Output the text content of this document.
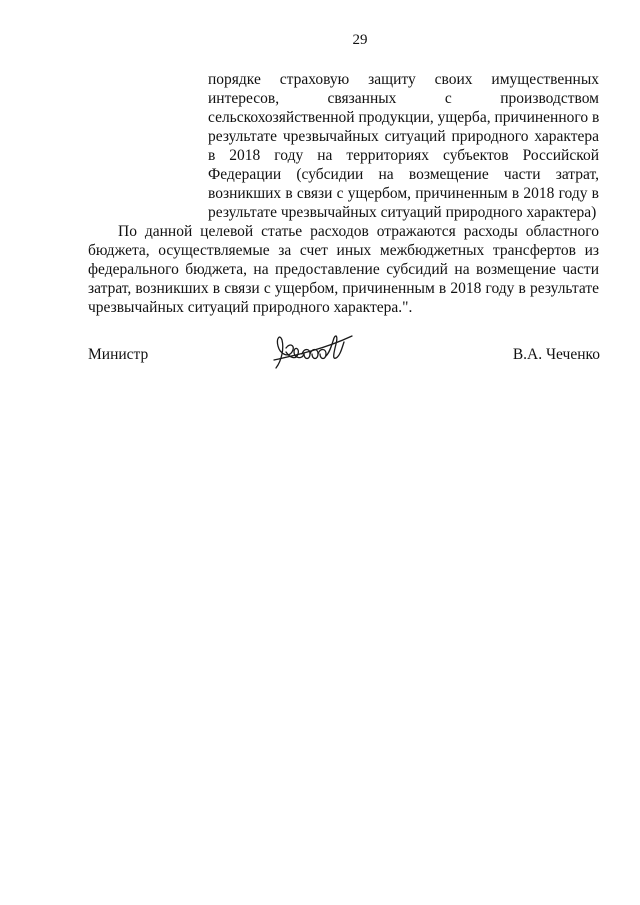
29
порядке страховую защиту своих имущественных
интересов, связанных с производством
сельскохозяйственной продукции, ущерба, причиненного в
результате чрезвычайных ситуаций природного характера
в 2018 году на территориях субъектов Российской
Федерации (субсидии на возмещение части затрат,
возникших в связи с ущербом, причиненным в 2018 году в
результате чрезвычайных ситуаций природного характера)
По данной целевой статье расходов отражаются расходы областного
бюджета, осуществляемые за счет иных межбюджетных трансфертов из
федерального бюджета, на предоставление субсидий на возмещение части
затрат, возникших в связи с ущербом, причиненным в 2018 году в результате
чрезвычайных ситуаций природного характера.".
Министр	В.А. Чеченко
